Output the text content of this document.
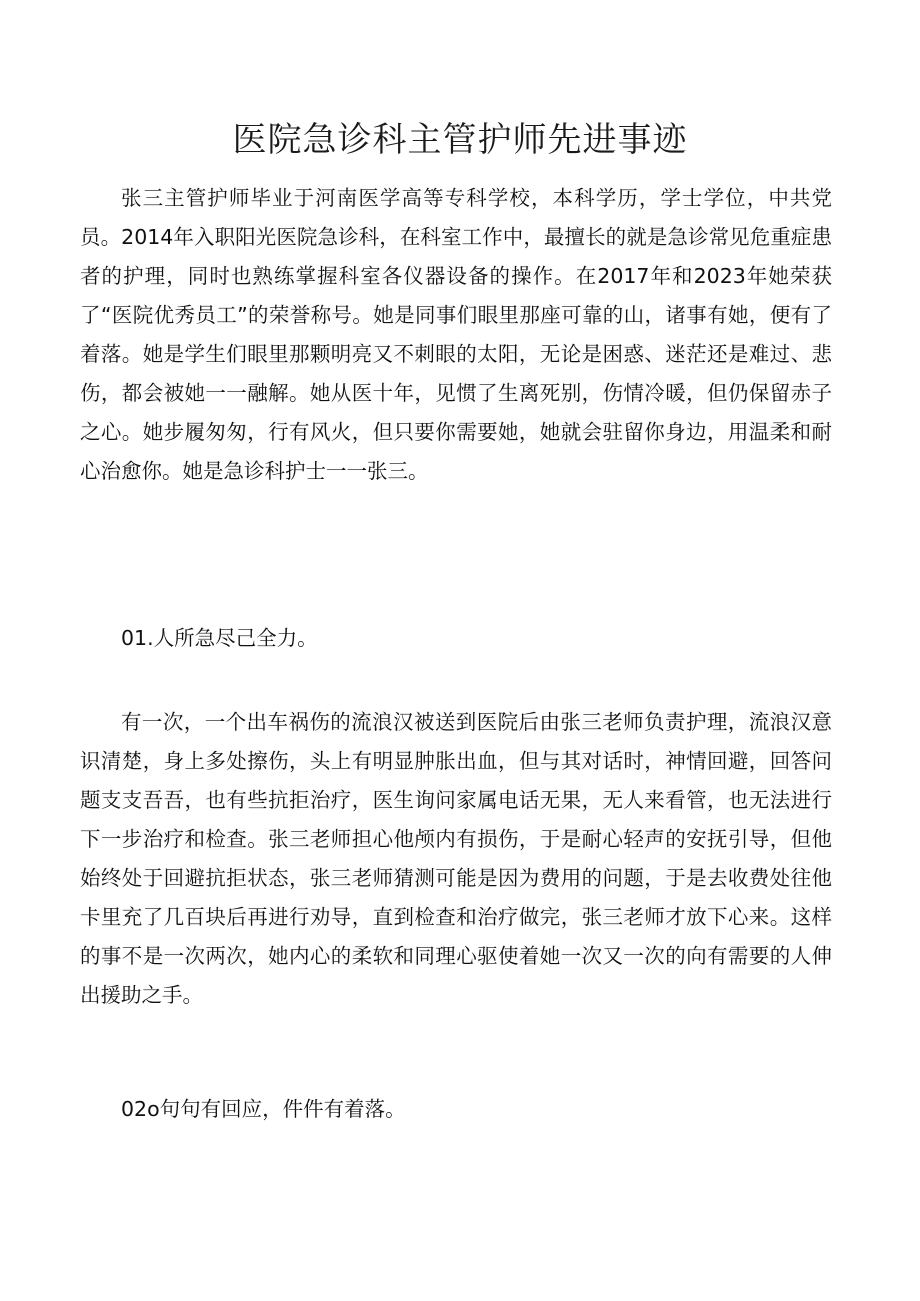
医院急诊科主管护师先进事迹

张三主管护师毕业于河南医学高等专科学校，本科学历，学士学位，中共党员。2014年入职阳光医院急诊科，在科室工作中，最擅长的就是急诊常见危重症患者的护理，同时也熟练掌握科室各仪器设备的操作。在2017年和2023年她荣获了“医院优秀员工”的荣誉称号。她是同事们眼里那座可靠的山，诸事有她，便有了着落。她是学生们眼里那颗明亮又不刺眼的太阳，无论是困惑、迷茫还是难过、悲伤，都会被她一一融解。她从医十年，见惯了生离死别，伤情冷暖，但仍保留赤子之心。她步履匆匆，行有风火，但只要你需要她，她就会驻留你身边，用温柔和耐心治愈你。她是急诊科护士一一张三。

01.人所急尽己全力。

有一次，一个出车祸伤的流浪汉被送到医院后由张三老师负责护理，流浪汉意识清楚，身上多处擦伤，头上有明显肿胀出血，但与其对话时，神情回避，回答问题支支吾吾，也有些抗拒治疗，医生询问家属电话无果，无人来看管，也无法进行下一步治疗和检查。张三老师担心他颅内有损伤，于是耐心轻声的安抚引导，但他始终处于回避抗拒状态，张三老师猜测可能是因为费用的问题，于是去收费处往他卡里充了几百块后再进行劝导，直到检查和治疗做完，张三老师才放下心来。这样的事不是一次两次，她内心的柔软和同理心驱使着她一次又一次的向有需要的人伸出援助之手。

02o句句有回应，件件有着落。
